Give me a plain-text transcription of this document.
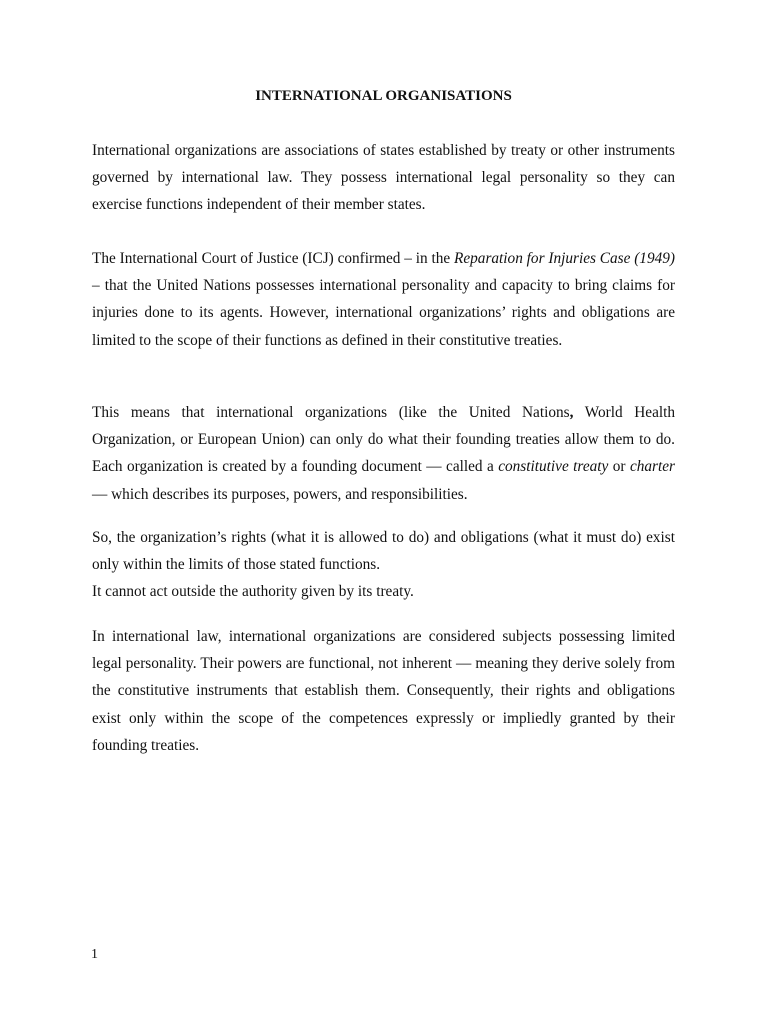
INTERNATIONAL ORGANISATIONS

International organizations are associations of states established by treaty or other instruments governed by international law. They possess international legal personality so they can exercise functions independent of their member states.

The International Court of Justice (ICJ) confirmed – in the Reparation for Injuries Case (1949) – that the United Nations possesses international personality and capacity to bring claims for injuries done to its agents. However, international organizations’ rights and obligations are limited to the scope of their functions as defined in their constitutive treaties.

This means that international organizations (like the United Nations, World Health Organization, or European Union) can only do what their founding treaties allow them to do. Each organization is created by a founding document — called a constitutive treaty or charter — which describes its purposes, powers, and responsibilities.

So, the organization’s rights (what it is allowed to do) and obligations (what it must do) exist only within the limits of those stated functions.
It cannot act outside the authority given by its treaty.

In international law, international organizations are considered subjects possessing limited legal personality. Their powers are functional, not inherent — meaning they derive solely from the constitutive instruments that establish them. Consequently, their rights and obligations exist only within the scope of the competences expressly or impliedly granted by their founding treaties.

1
